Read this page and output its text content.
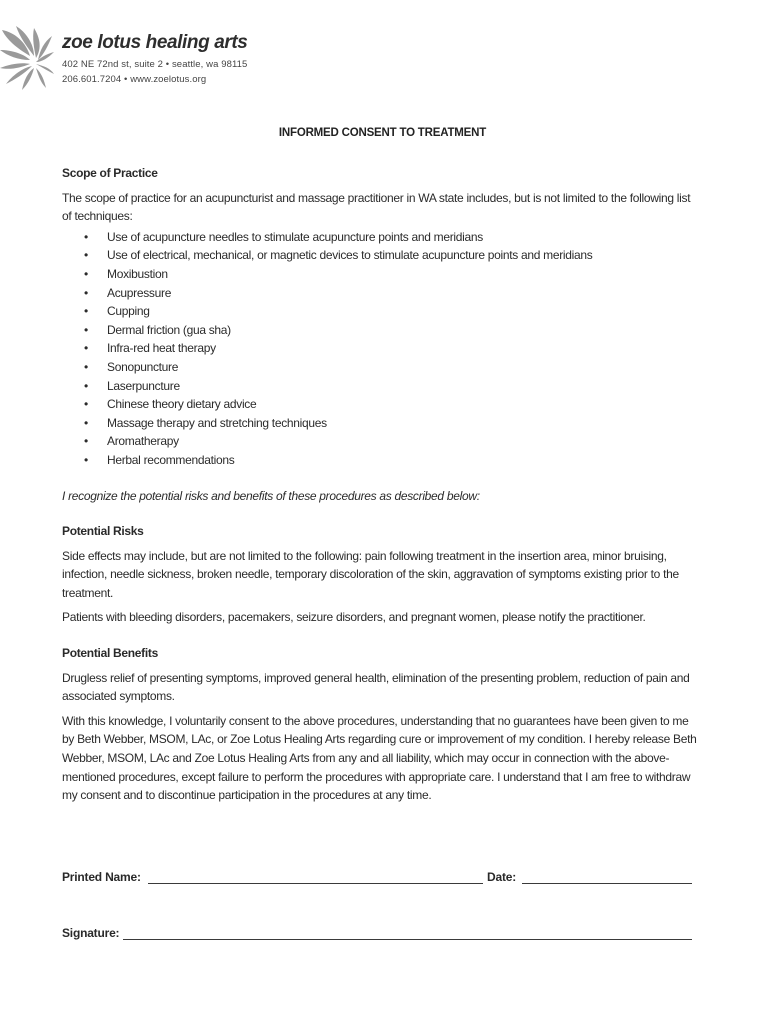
zoe lotus healing arts
402 NE 72nd st, suite 2 • seattle, wa 98115
206.601.7204 • www.zoelotus.org
INFORMED CONSENT TO TREATMENT
Scope of Practice

The scope of practice for an acupuncturist and massage practitioner in WA state includes, but is not limited to the following list of techniques:

• Use of acupuncture needles to stimulate acupuncture points and meridians
• Use of electrical, mechanical, or magnetic devices to stimulate acupuncture points and meridians
• Moxibustion
• Acupressure
• Cupping
• Dermal friction (gua sha)
• Infra-red heat therapy
• Sonopuncture
• Laserpuncture
• Chinese theory dietary advice
• Massage therapy and stretching techniques
• Aromatherapy
• Herbal recommendations

I recognize the potential risks and benefits of these procedures as described below:

Potential Risks

Side effects may include, but are not limited to the following: pain following treatment in the insertion area, minor bruising, infection, needle sickness, broken needle, temporary discoloration of the skin, aggravation of symptoms existing prior to the treatment.

Patients with bleeding disorders, pacemakers, seizure disorders, and pregnant women, please notify the practitioner.

Potential Benefits

Drugless relief of presenting symptoms, improved general health, elimination of the presenting problem, reduction of pain and associated symptoms.

With this knowledge, I voluntarily consent to the above procedures, understanding that no guarantees have been given to me by Beth Webber, MSOM, LAc, or Zoe Lotus Healing Arts regarding cure or improvement of my condition. I hereby release Beth Webber, MSOM, LAc and Zoe Lotus Healing Arts from any and all liability, which may occur in connection with the above-mentioned procedures, except failure to perform the procedures with appropriate care. I understand that I am free to withdraw my consent and to discontinue participation in the procedures at any time.

Printed Name:	Date:
Signature:
